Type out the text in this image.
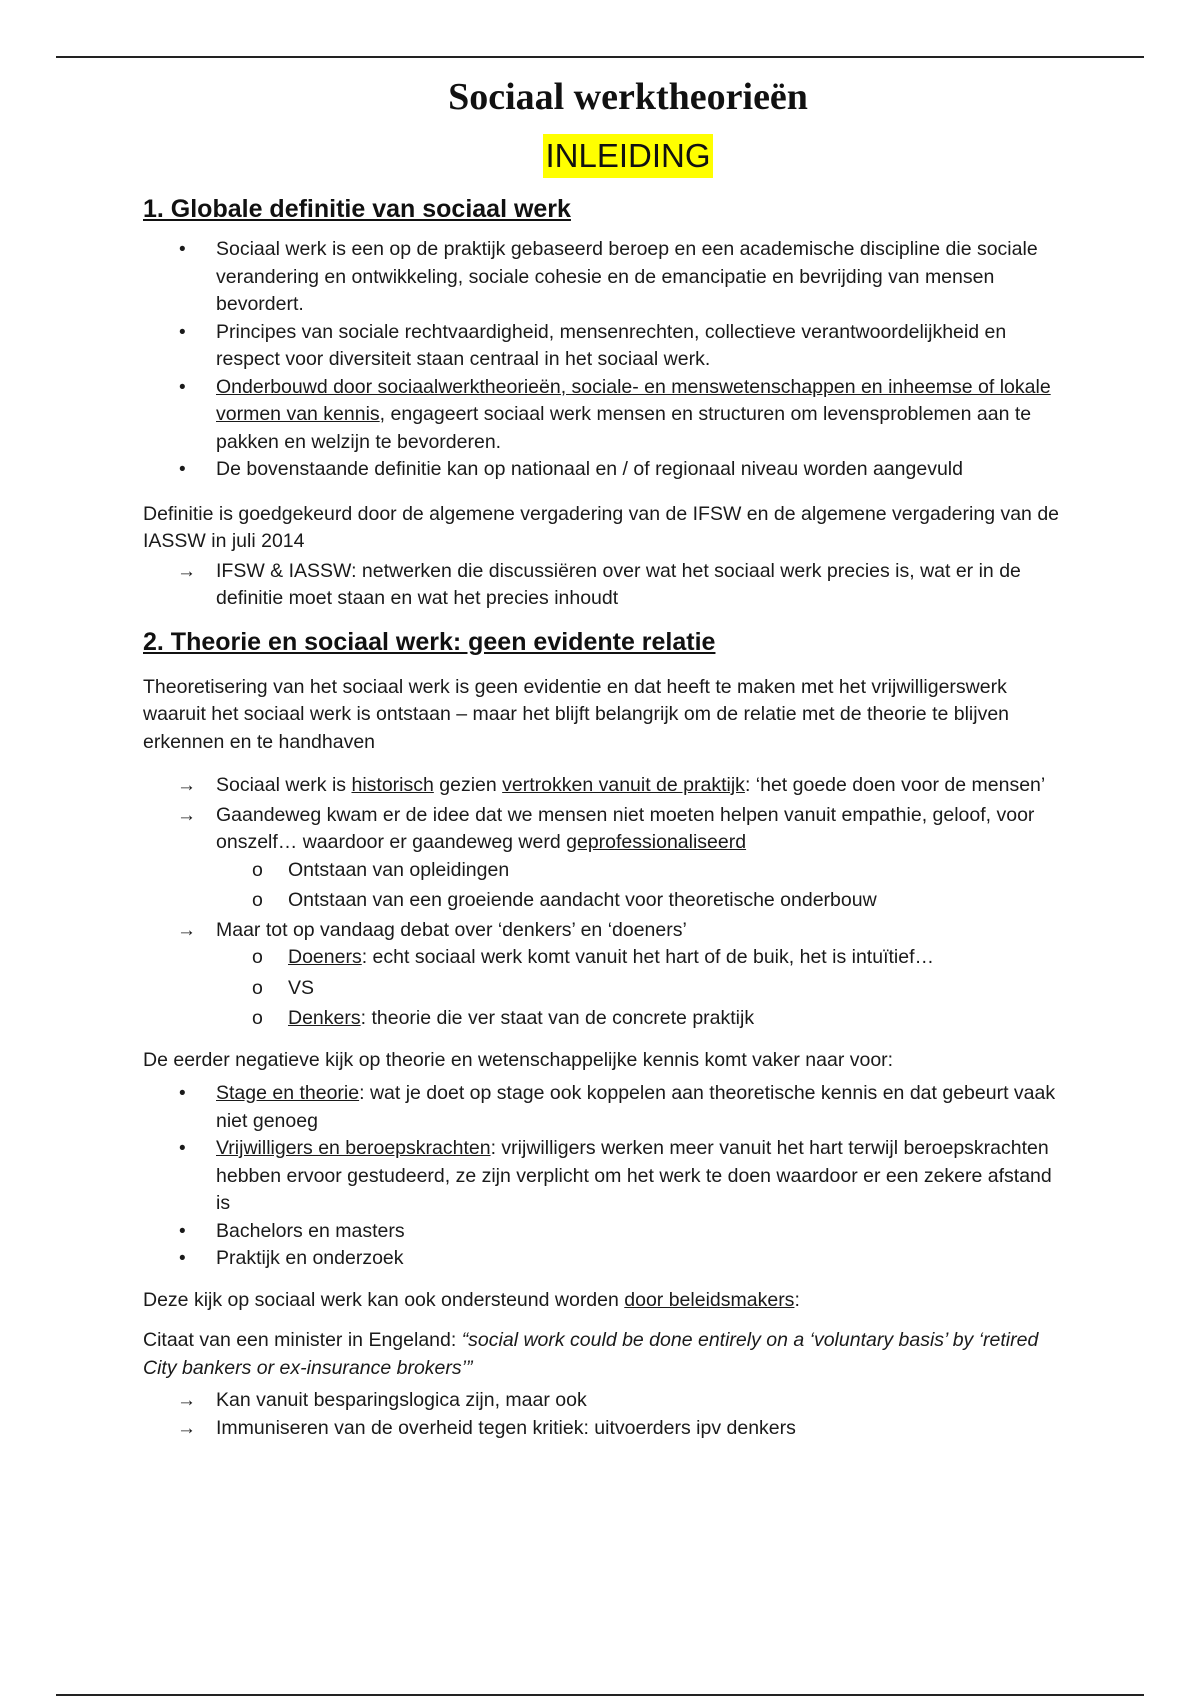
Sociaal werktheorieën
INLEIDING
1. Globale definitie van sociaal werk
• Sociaal werk is een op de praktijk gebaseerd beroep en een academische discipline die sociale verandering en ontwikkeling, sociale cohesie en de emancipatie en bevrijding van mensen bevordert.
• Principes van sociale rechtvaardigheid, mensenrechten, collectieve verantwoordelijkheid en respect voor diversiteit staan centraal in het sociaal werk.
• Onderbouwd door sociaalwerktheorieën, sociale- en menswetenschappen en inheemse of lokale vormen van kennis, engageert sociaal werk mensen en structuren om levensproblemen aan te pakken en welzijn te bevorderen.
• De bovenstaande definitie kan op nationaal en / of regionaal niveau worden aangevuld

Definitie is goedgekeurd door de algemene vergadering van de IFSW en de algemene vergadering van de IASSW in juli 2014

→ IFSW & IASSW: netwerken die discussiëren over wat het sociaal werk precies is, wat er in de definitie moet staan en wat het precies inhoudt
2. Theorie en sociaal werk: geen evidente relatie

Theoretisering van het sociaal werk is geen evidentie en dat heeft te maken met het vrijwilligerswerk waaruit het sociaal werk is ontstaan – maar het blijft belangrijk om de relatie met de theorie te blijven erkennen en te handhaven

→ Sociaal werk is historisch gezien vertrokken vanuit de praktijk: ‘het goede doen voor de mensen’
→ Gaandeweg kwam er de idee dat we mensen niet moeten helpen vanuit empathie, geloof, voor onszelf… waardoor er gaandeweg werd geprofessionaliseerd
o Ontstaan van opleidingen
o Ontstaan van een groeiende aandacht voor theoretische onderbouw
→ Maar tot op vandaag debat over ‘denkers’ en ‘doeners’
o Doeners: echt sociaal werk komt vanuit het hart of de buik, het is intuïtief…
o VS
o Denkers: theorie die ver staat van de concrete praktijk

De eerder negatieve kijk op theorie en wetenschappelijke kennis komt vaker naar voor:

• Stage en theorie: wat je doet op stage ook koppelen aan theoretische kennis en dat gebeurt vaak niet genoeg
• Vrijwilligers en beroepskrachten: vrijwilligers werken meer vanuit het hart terwijl beroepskrachten hebben ervoor gestudeerd, ze zijn verplicht om het werk te doen waardoor er een zekere afstand is
• Bachelors en masters
• Praktijk en onderzoek

Deze kijk op sociaal werk kan ook ondersteund worden door beleidsmakers:

Citaat van een minister in Engeland: “social work could be done entirely on a ‘voluntary basis’ by ‘retired City bankers or ex-insurance brokers’”

→ Kan vanuit besparingslogica zijn, maar ook
→ Immuniseren van de overheid tegen kritiek: uitvoerders ipv denkers
